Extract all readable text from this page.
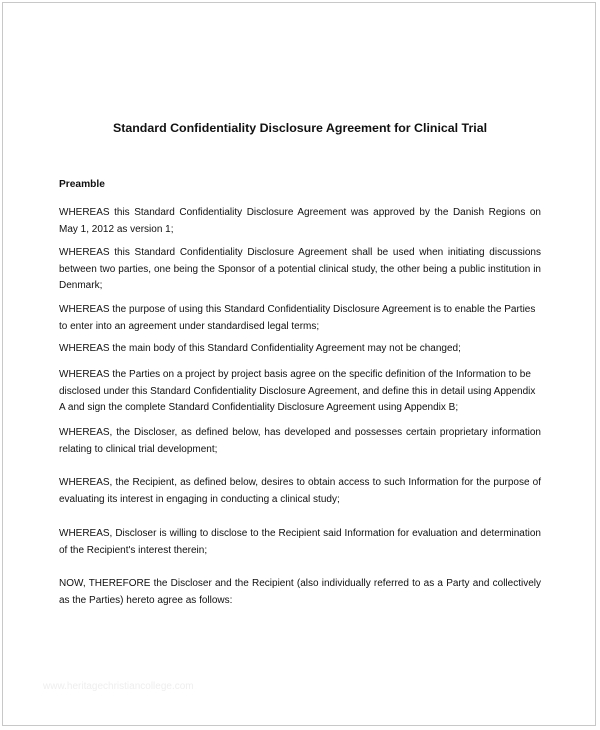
Standard Confidentiality Disclosure Agreement for Clinical Trial
Preamble
WHEREAS this Standard Confidentiality Disclosure Agreement was approved by the Danish Regions on May 1, 2012 as version 1;
WHEREAS this Standard Confidentiality Disclosure Agreement shall be used when initiating discussions between two parties, one being the Sponsor of a potential clinical study, the other being a public institution in Denmark;
WHEREAS the purpose of using this Standard Confidentiality Disclosure Agreement is to enable the Parties to enter into an agreement under standardised legal terms;
WHEREAS the main body of this Standard Confidentiality Agreement may not be changed;
WHEREAS the Parties on a project by project basis agree on the specific definition of the Information to be disclosed under this Standard Confidentiality Disclosure Agreement, and define this in detail using Appendix A and sign the complete Standard Confidentiality Disclosure Agreement using Appendix B;
WHEREAS, the Discloser, as defined below, has developed and possesses certain proprietary information relating to clinical trial development;
WHEREAS, the Recipient, as defined below, desires to obtain access to such Information for the purpose of evaluating its interest in engaging in conducting a clinical study;
WHEREAS, Discloser is willing to disclose to the Recipient said Information for evaluation and determination of the Recipient's interest therein;
NOW, THEREFORE the Discloser and the Recipient (also individually referred to as a Party and collectively as the Parties) hereto agree as follows:
www.heritagechristiancollege.com
